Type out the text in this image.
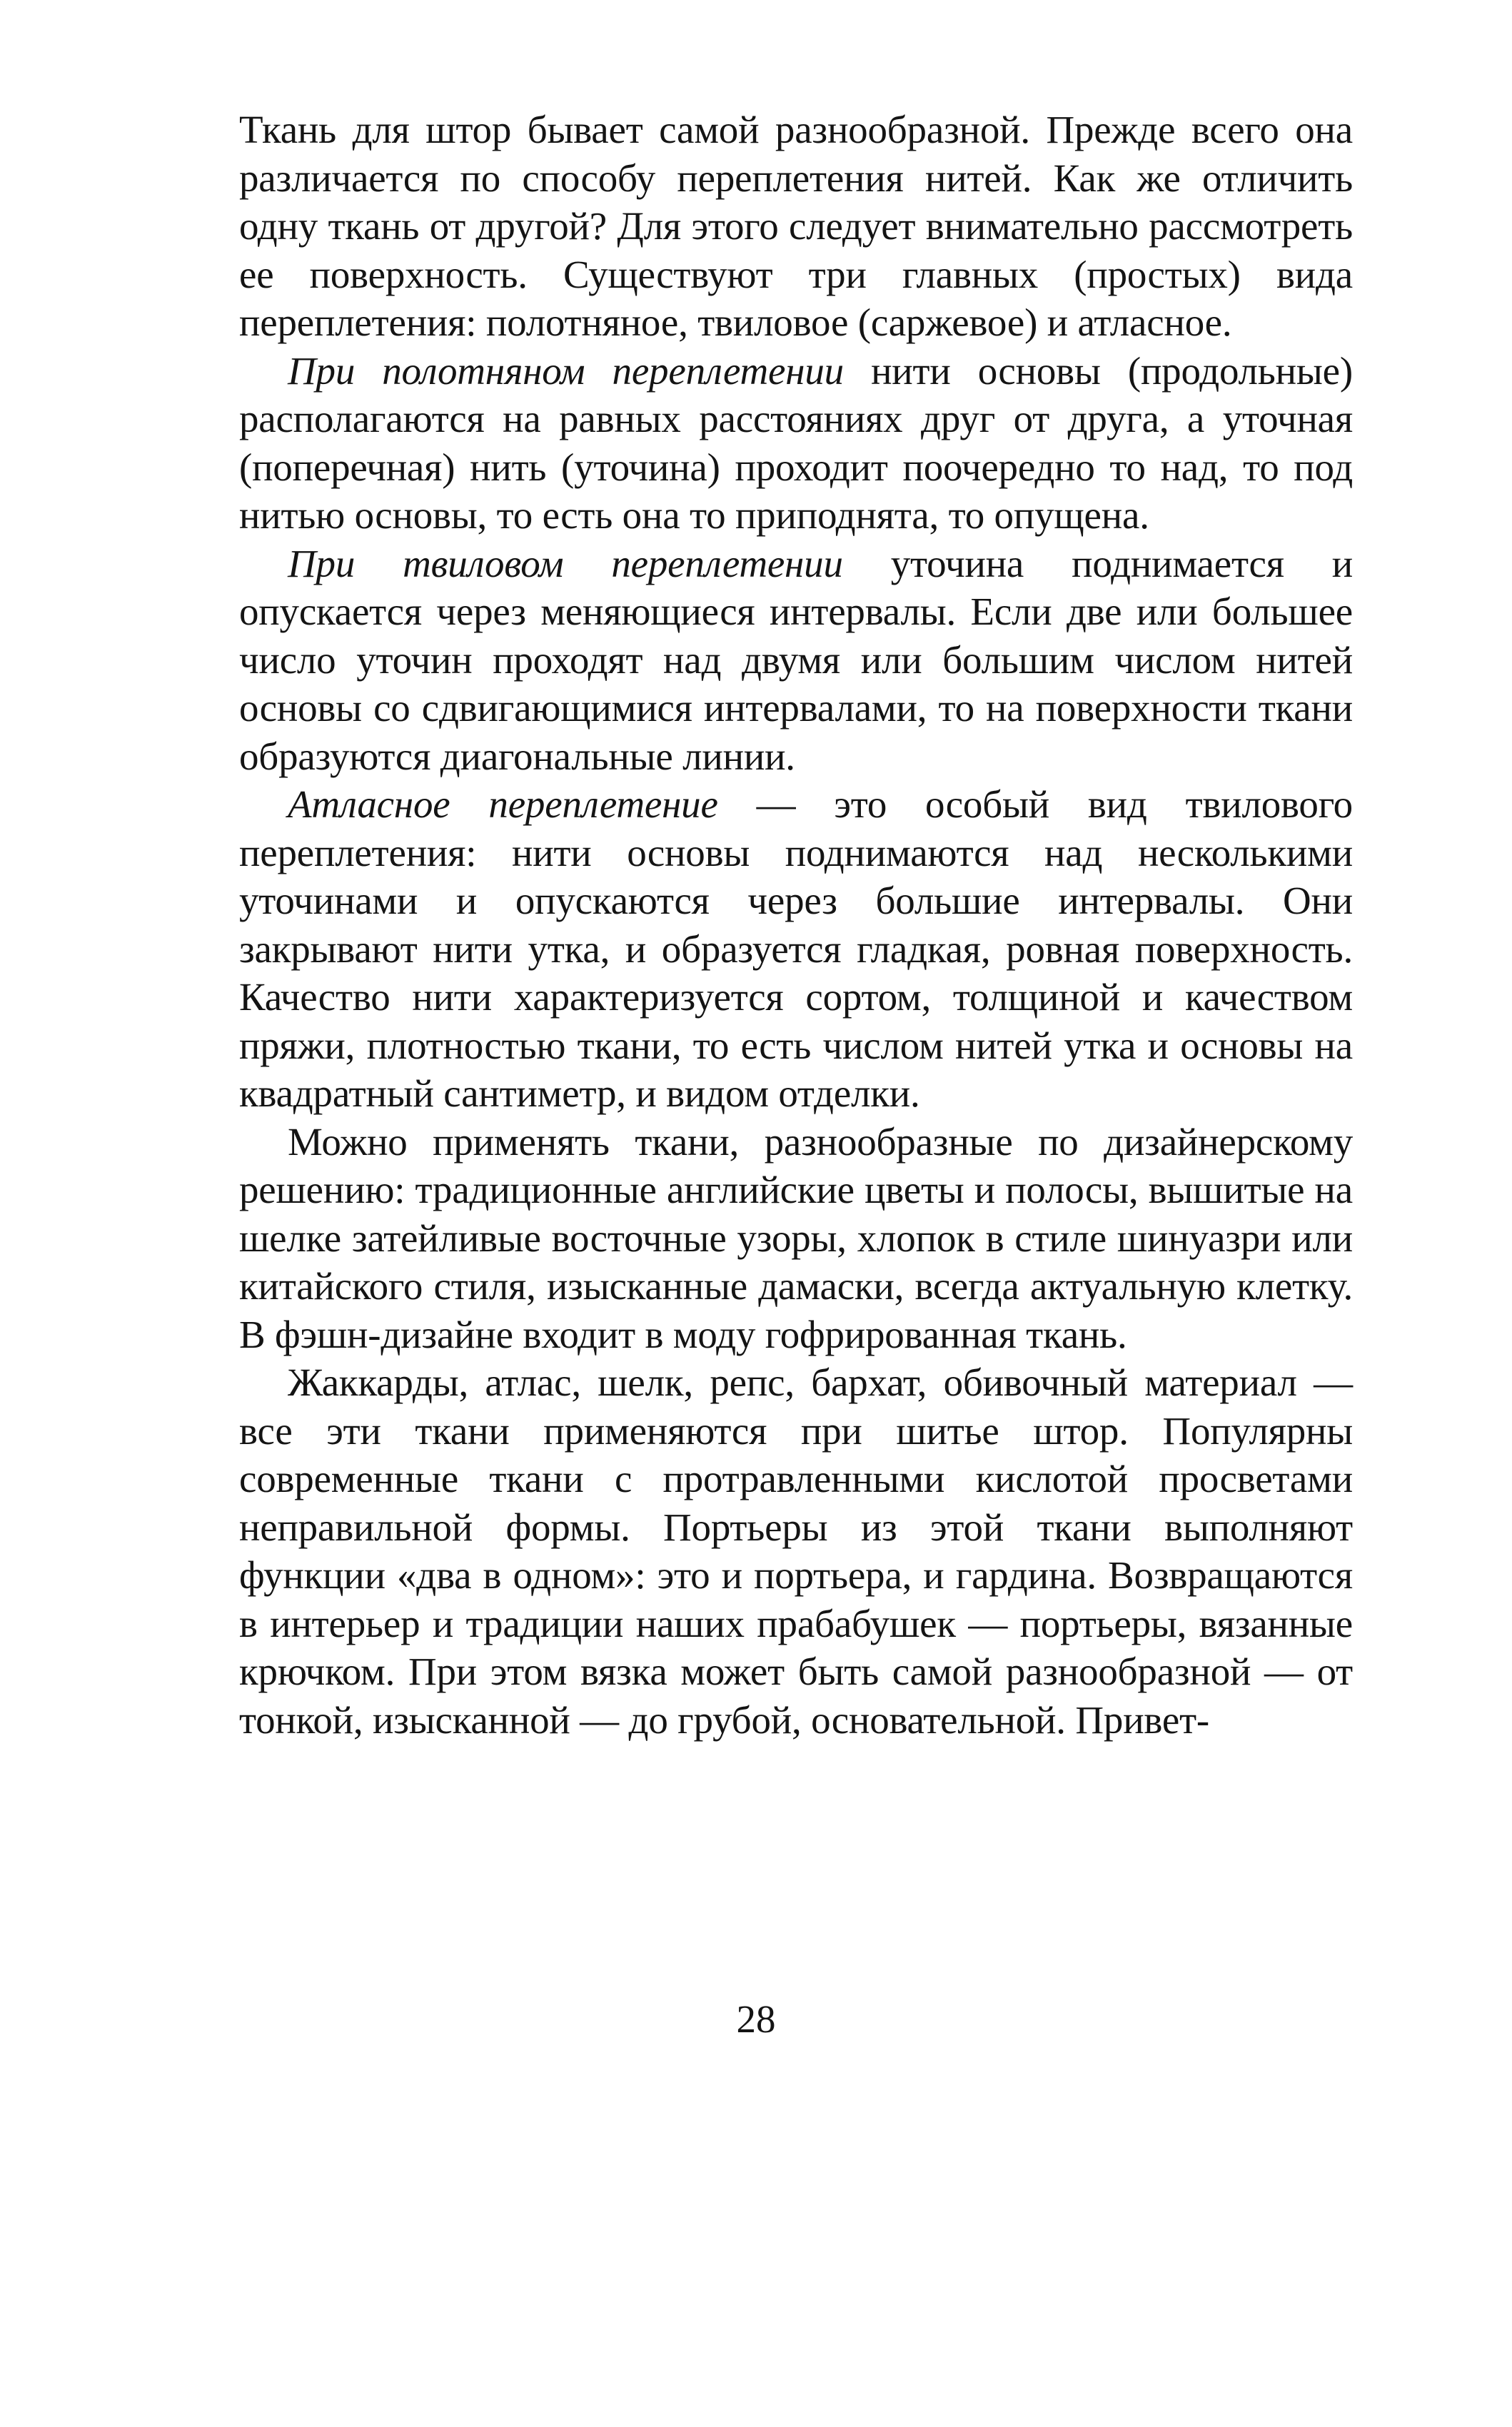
Ткань для штор бывает самой разнообразной. Прежде всего она различается по способу переплетения нитей. Как же отличить одну ткань от другой? Для этого следует внимательно рассмотреть ее поверхность. Существуют три главных (простых) вида переплетения: полотняное, твиловое (саржевое) и атласное.

При полотняном переплетении нити основы (продольные) располагаются на равных расстояниях друг от друга, а уточная (поперечная) нить (уточина) проходит поочередно то над, то под нитью основы, то есть она то приподнята, то опущена.

При твиловом переплетении уточина поднимается и опускается через меняющиеся интервалы. Если две или большее число уточин проходят над двумя или большим числом нитей основы со сдвигающимися интервалами, то на поверхности ткани образуются диагональные линии.

Атласное переплетение — это особый вид твилового переплетения: нити основы поднимаются над несколькими уточинами и опускаются через большие интервалы. Они закрывают нити утка, и образуется гладкая, ровная поверхность. Качество нити характеризуется сортом, толщиной и качеством пряжи, плотностью ткани, то есть числом нитей утка и основы на квадратный сантиметр, и видом отделки.

Можно применять ткани, разнообразные по дизайнерскому решению: традиционные английские цветы и полосы, вышитые на шелке затейливые восточные узоры, хлопок в стиле шинуазри или китайского стиля, изысканные дамаски, всегда актуальную клетку. В фэшн-дизайне входит в моду гофрированная ткань.

Жаккарды, атлас, шелк, репс, бархат, обивочный материал — все эти ткани применяются при шитье штор. Популярны современные ткани с протравленными кислотой просветами неправильной формы. Портьеры из этой ткани выполняют функции «два в одном»: это и портьера, и гардина. Возвращаются в интерьер и традиции наших прабабушек — портьеры, вязанные крючком. При этом вязка может быть самой разнообразной — от тонкой, изысканной — до грубой, основательной. Привет-

28
